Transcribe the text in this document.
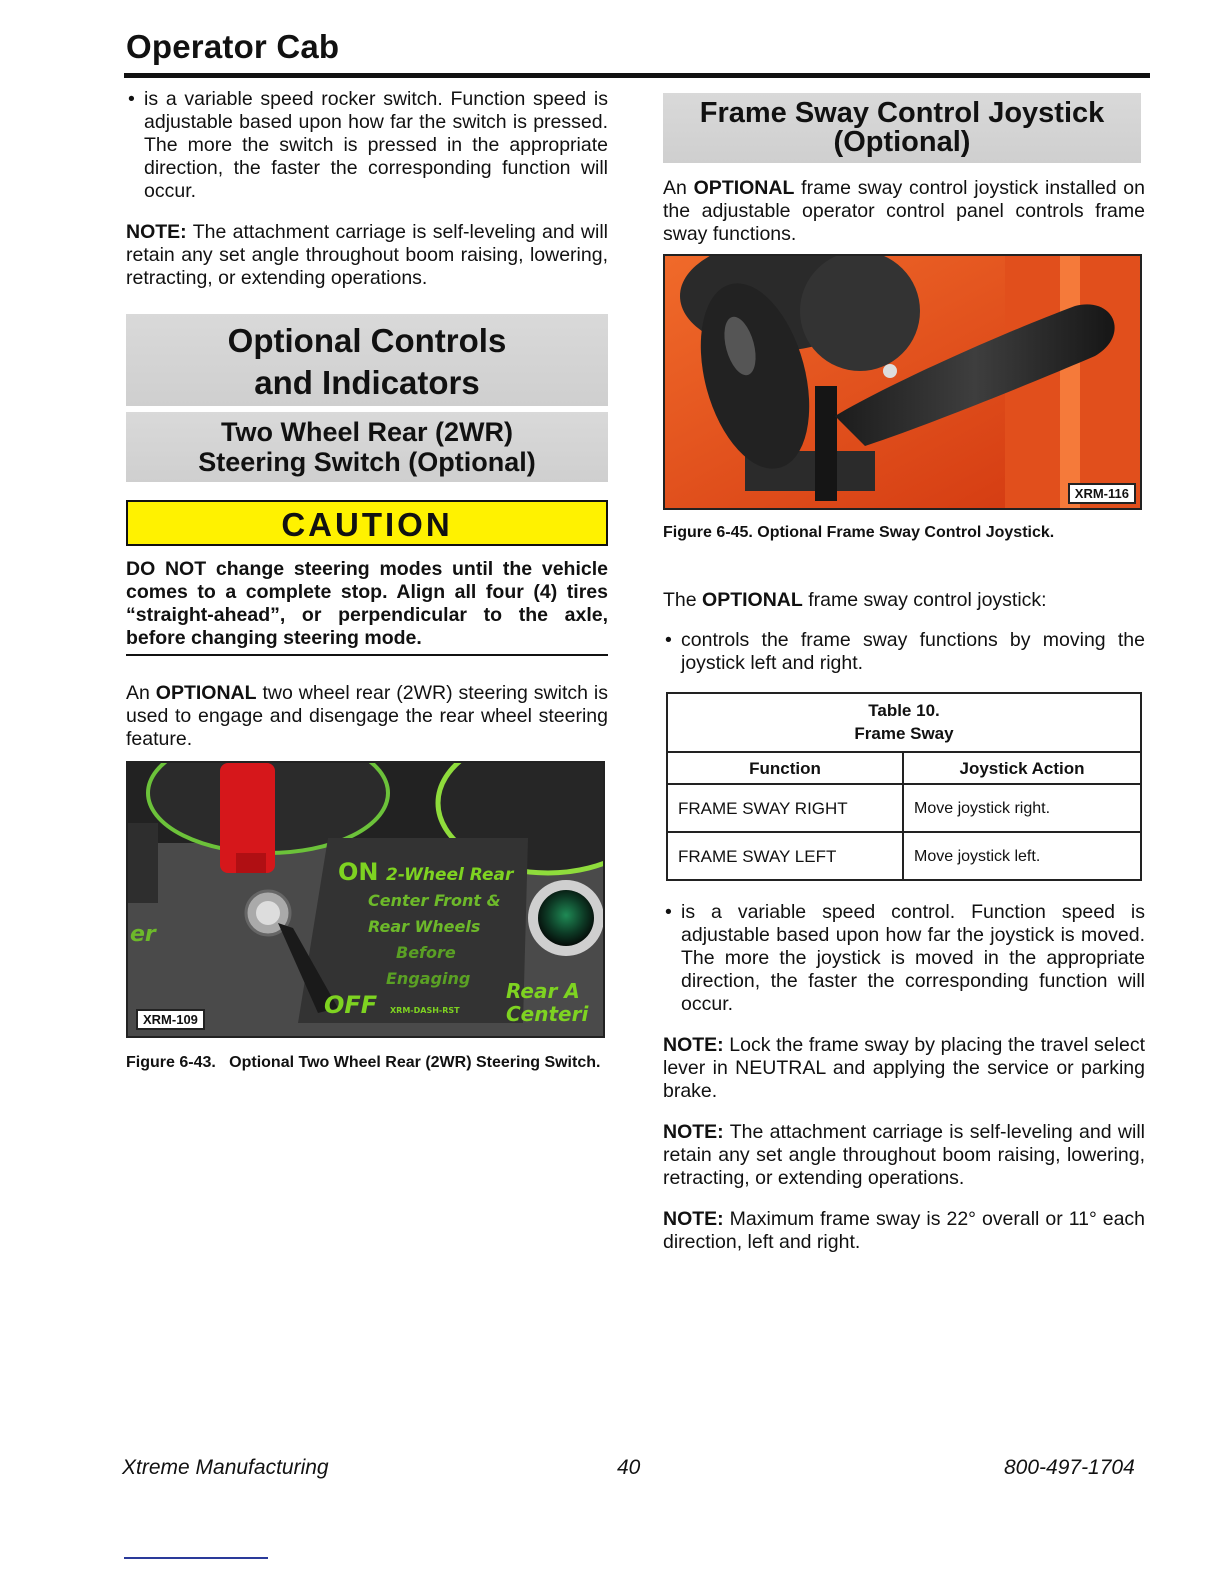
Operator Cab

• is a variable speed rocker switch. Function speed is adjustable based upon how far the switch is pressed. The more the switch is pressed in the appropriate direction, the faster the corresponding function will occur.

NOTE: The attachment carriage is self-leveling and will retain any set angle throughout boom raising, lowering, retracting, or extending operations.

Optional Controls
and Indicators
Two Wheel Rear (2WR)
Steering Switch (Optional)
CAUTION

DO NOT change steering modes until the vehicle comes to a complete stop. Align all four (4) tires “straight-ahead”, or perpendicular to the axle, before changing steering mode.

An OPTIONAL two wheel rear (2WR) steering switch is used to engage and disengage the rear wheel steering feature.

ON 2-Wheel Rear
Center Front &
Rear Wheels
Before
Engaging
OFF XRM-DASH-RST
Rear A
Centeri
er
XRM-109

Figure 6-43. Optional Two Wheel Rear (2WR) Steering Switch.

Frame Sway Control Joystick
(Optional)

An OPTIONAL frame sway control joystick installed on the adjustable operator control panel controls frame sway functions.

XRM-116

Figure 6-45. Optional Frame Sway Control Joystick.

The OPTIONAL frame sway control joystick:

• controls the frame sway functions by moving the joystick left and right.

Table 10.
Frame Sway	

Function	Joystick Action
FRAME SWAY RIGHT	Move joystick right.
FRAME SWAY LEFT	Move joystick left.

• is a variable speed control. Function speed is adjustable based upon how far the joystick is moved. The more the joystick is moved in the appropriate direction, the faster the corresponding function will occur.

NOTE: Lock the frame sway by placing the travel select lever in NEUTRAL and applying the service or parking brake.

NOTE: The attachment carriage is self-leveling and will retain any set angle throughout boom raising, lowering, retracting, or extending operations.

NOTE: Maximum frame sway is 22° overall or 11° each direction, left and right.

Xtreme Manufacturing	40	800-497-1704
